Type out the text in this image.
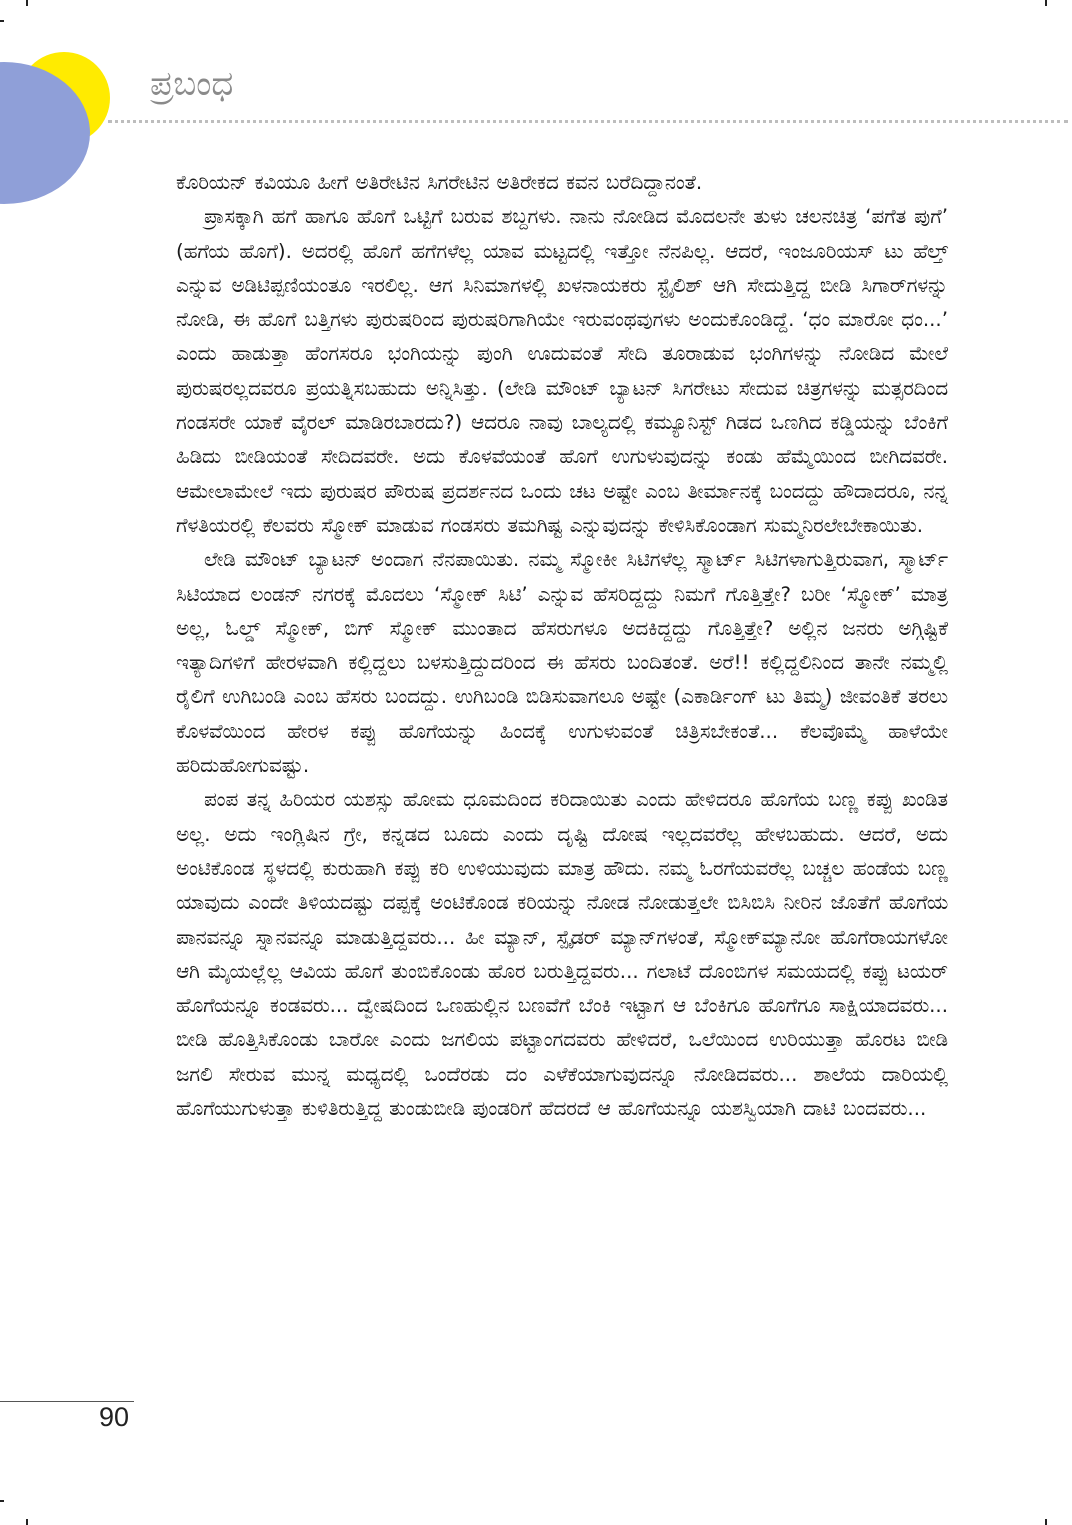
ಪ್ರಬಂಧ

ಕೊರಿಯನ್ ಕವಿಯೂ ಹೀಗೆ ಅತಿರೇಟಿನ ಸಿಗರೇಟಿನ ಅತಿರೇಕದ ಕವನ ಬರೆದಿದ್ದಾನಂತೆ.

ಪ್ರಾಸಕ್ಕಾಗಿ ಹಗೆ ಹಾಗೂ ಹೊಗೆ ಒಟ್ಟಿಗೆ ಬರುವ ಶಬ್ದಗಳು. ನಾನು ನೋಡಿದ ಮೊದಲನೇ ತುಳು ಚಲನಚಿತ್ರ ‘ಪಗೆತ ಪುಗೆ’ (ಹಗೆಯ ಹೊಗೆ). ಅದರಲ್ಲಿ ಹೊಗೆ ಹಗೆಗಳೆಲ್ಲ ಯಾವ ಮಟ್ಟದಲ್ಲಿ ಇತ್ತೋ ನೆನಪಿಲ್ಲ. ಆದರೆ, ಇಂಜೂರಿಯಸ್ ಟು ಹೆಲ್ತ್ ಎನ್ನುವ ಅಡಿಟಿಪ್ಪಣಿಯಂತೂ ಇರಲಿಲ್ಲ. ಆಗ ಸಿನಿಮಾಗಳಲ್ಲಿ ಖಳನಾಯಕರು ಸ್ಟೈಲಿಶ್ ಆಗಿ ಸೇದುತ್ತಿದ್ದ ಬೀಡಿ ಸಿಗಾರ್‌ಗಳನ್ನು ನೋಡಿ, ಈ ಹೊಗೆ ಬತ್ತಿಗಳು ಪುರುಷರಿಂದ ಪುರುಷರಿಗಾಗಿಯೇ ಇರುವಂಥವುಗಳು ಅಂದುಕೊಂಡಿದ್ದೆ. ‘ಧಂ ಮಾರೋ ಧಂ...’ ಎಂದು ಹಾಡುತ್ತಾ ಹೆಂಗಸರೂ ಭಂಗಿಯನ್ನು ಪುಂಗಿ ಊದುವಂತೆ ಸೇದಿ ತೂರಾಡುವ ಭಂಗಿಗಳನ್ನು ನೋಡಿದ ಮೇಲೆ ಪುರುಷರಲ್ಲದವರೂ ಪ್ರಯತ್ನಿಸಬಹುದು ಅನ್ನಿಸಿತ್ತು. (ಲೇಡಿ ಮೌಂಟ್ ಬ್ಯಾಟನ್ ಸಿಗರೇಟು ಸೇದುವ ಚಿತ್ರಗಳನ್ನು ಮತ್ಸರದಿಂದ ಗಂಡಸರೇ ಯಾಕೆ ವೈರಲ್ ಮಾಡಿರಬಾರದು?) ಆದರೂ ನಾವು ಬಾಲ್ಯದಲ್ಲಿ ಕಮ್ಯೂನಿಸ್ಟ್ ಗಿಡದ ಒಣಗಿದ ಕಡ್ಡಿಯನ್ನು ಬೆಂಕಿಗೆ ಹಿಡಿದು ಬೀಡಿಯಂತೆ ಸೇದಿದವರೇ. ಅದು ಕೊಳವೆಯಂತೆ ಹೊಗೆ ಉಗುಳುವುದನ್ನು ಕಂಡು ಹೆಮ್ಮೆಯಿಂದ ಬೀಗಿದವರೇ. ಆಮೇಲಾಮೇಲೆ ಇದು ಪುರುಷರ ಪೌರುಷ ಪ್ರದರ್ಶನದ ಒಂದು ಚಟ ಅಷ್ಟೇ ಎಂಬ ತೀರ್ಮಾನಕ್ಕೆ ಬಂದದ್ದು ಹೌದಾದರೂ, ನನ್ನ ಗೆಳತಿಯರಲ್ಲಿ ಕೆಲವರು ಸ್ಮೋಕ್ ಮಾಡುವ ಗಂಡಸರು ತಮಗಿಷ್ಟ ಎನ್ನುವುದನ್ನು ಕೇಳಿಸಿಕೊಂಡಾಗ ಸುಮ್ಮನಿರಲೇಬೇಕಾಯಿತು.

ಲೇಡಿ ಮೌಂಟ್ ಬ್ಯಾಟನ್ ಅಂದಾಗ ನೆನಪಾಯಿತು. ನಮ್ಮ ಸ್ಮೋಕೀ ಸಿಟಿಗಳೆಲ್ಲ ಸ್ಮಾರ್ಟ್ ಸಿಟಿಗಳಾಗುತ್ತಿರುವಾಗ, ಸ್ಮಾರ್ಟ್ ಸಿಟಿಯಾದ ಲಂಡನ್ ನಗರಕ್ಕೆ ಮೊದಲು ‘ಸ್ಮೋಕ್ ಸಿಟಿ’ ಎನ್ನುವ ಹೆಸರಿದ್ದದ್ದು ನಿಮಗೆ ಗೊತ್ತಿತ್ತೇ? ಬರೀ ‘ಸ್ಮೋಕ್’ ಮಾತ್ರ ಅಲ್ಲ, ಓಲ್ಡ್ ಸ್ಮೋಕ್, ಬಿಗ್ ಸ್ಮೋಕ್ ಮುಂತಾದ ಹೆಸರುಗಳೂ ಅದಕಿದ್ದದ್ದು ಗೊತ್ತಿತ್ತೇ? ಅಲ್ಲಿನ ಜನರು ಅಗ್ಗಿಷ್ಟಿಕೆ ಇತ್ಯಾದಿಗಳಿಗೆ ಹೇರಳವಾಗಿ ಕಲ್ಲಿದ್ದಲು ಬಳಸುತ್ತಿದ್ದುದರಿಂದ ಈ ಹೆಸರು ಬಂದಿತಂತೆ. ಅರೆ!! ಕಲ್ಲಿದ್ದಲಿನಿಂದ ತಾನೇ ನಮ್ಮಲ್ಲಿ ರೈಲಿಗೆ ಉಗಿಬಂಡಿ ಎಂಬ ಹೆಸರು ಬಂದದ್ದು. ಉಗಿಬಂಡಿ ಬಿಡಿಸುವಾಗಲೂ ಅಷ್ಟೇ (ಎಕಾರ್ಡಿಂಗ್ ಟು ತಿಮ್ಮ) ಜೀವಂತಿಕೆ ತರಲು ಕೊಳವೆಯಿಂದ ಹೇರಳ ಕಪ್ಪು ಹೊಗೆಯನ್ನು ಹಿಂದಕ್ಕೆ ಉಗುಳುವಂತೆ ಚಿತ್ರಿಸಬೇಕಂತೆ... ಕೆಲವೊಮ್ಮೆ ಹಾಳೆಯೇ ಹರಿದುಹೋಗುವಷ್ಟು.

ಪಂಪ ತನ್ನ ಹಿರಿಯರ ಯಶಸ್ಸು ಹೋಮ ಧೂಮದಿಂದ ಕರಿದಾಯಿತು ಎಂದು ಹೇಳಿದರೂ ಹೊಗೆಯ ಬಣ್ಣ ಕಪ್ಪು ಖಂಡಿತ ಅಲ್ಲ. ಅದು ಇಂಗ್ಲಿಷಿನ ಗ್ರೇ, ಕನ್ನಡದ ಬೂದು ಎಂದು ದೃಷ್ಟಿ ದೋಷ ಇಲ್ಲದವರೆಲ್ಲ ಹೇಳಬಹುದು. ಆದರೆ, ಅದು ಅಂಟಿಕೊಂಡ ಸ್ಥಳದಲ್ಲಿ ಕುರುಹಾಗಿ ಕಪ್ಪು ಕರಿ ಉಳಿಯುವುದು ಮಾತ್ರ ಹೌದು. ನಮ್ಮ ಓರಗೆಯವರೆಲ್ಲ ಬಚ್ಚಲ ಹಂಡೆಯ ಬಣ್ಣ ಯಾವುದು ಎಂದೇ ತಿಳಿಯದಷ್ಟು ದಪ್ಪಕ್ಕೆ ಅಂಟಿಕೊಂಡ ಕರಿಯನ್ನು ನೋಡ ನೋಡುತ್ತಲೇ ಬಿಸಿಬಿಸಿ ನೀರಿನ ಜೊತೆಗೆ ಹೊಗೆಯ ಪಾನವನ್ನೂ ಸ್ನಾನವನ್ನೂ ಮಾಡುತ್ತಿದ್ದವರು... ಹೀ ಮ್ಯಾನ್, ಸ್ಪೈಡರ್ ಮ್ಯಾನ್‌ಗಳಂತೆ, ಸ್ಮೋಕ್‌ಮ್ಯಾನೋ ಹೊಗೆರಾಯಗಳೋ ಆಗಿ ಮೈಯಲ್ಲೆಲ್ಲ ಆವಿಯ ಹೊಗೆ ತುಂಬಿಕೊಂಡು ಹೊರ ಬರುತ್ತಿದ್ದವರು... ಗಲಾಟೆ ದೊಂಬಿಗಳ ಸಮಯದಲ್ಲಿ ಕಪ್ಪು ಟಯರ್ ಹೊಗೆಯನ್ನೂ ಕಂಡವರು... ದ್ವೇಷದಿಂದ ಒಣಹುಲ್ಲಿನ ಬಣವೆಗೆ ಬೆಂಕಿ ಇಟ್ಟಾಗ ಆ ಬೆಂಕಿಗೂ ಹೊಗೆಗೂ ಸಾಕ್ಷಿಯಾದವರು... ಬೀಡಿ ಹೊತ್ತಿಸಿಕೊಂಡು ಬಾರೋ ಎಂದು ಜಗಲಿಯ ಪಟ್ಟಾಂಗದವರು ಹೇಳಿದರೆ, ಒಲೆಯಿಂದ ಉರಿಯುತ್ತಾ ಹೊರಟ ಬೀಡಿ ಜಗಲಿ ಸೇರುವ ಮುನ್ನ ಮಧ್ಯದಲ್ಲಿ ಒಂದೆರಡು ದಂ ಎಳೆಕೆಯಾಗುವುದನ್ನೂ ನೋಡಿದವರು... ಶಾಲೆಯ ದಾರಿಯಲ್ಲಿ ಹೊಗೆಯುಗುಳುತ್ತಾ ಕುಳಿತಿರುತ್ತಿದ್ದ ತುಂಡುಬೀಡಿ ಪುಂಡರಿಗೆ ಹೆದರದೆ ಆ ಹೊಗೆಯನ್ನೂ ಯಶಸ್ವಿಯಾಗಿ ದಾಟಿ ಬಂದವರು...

90
